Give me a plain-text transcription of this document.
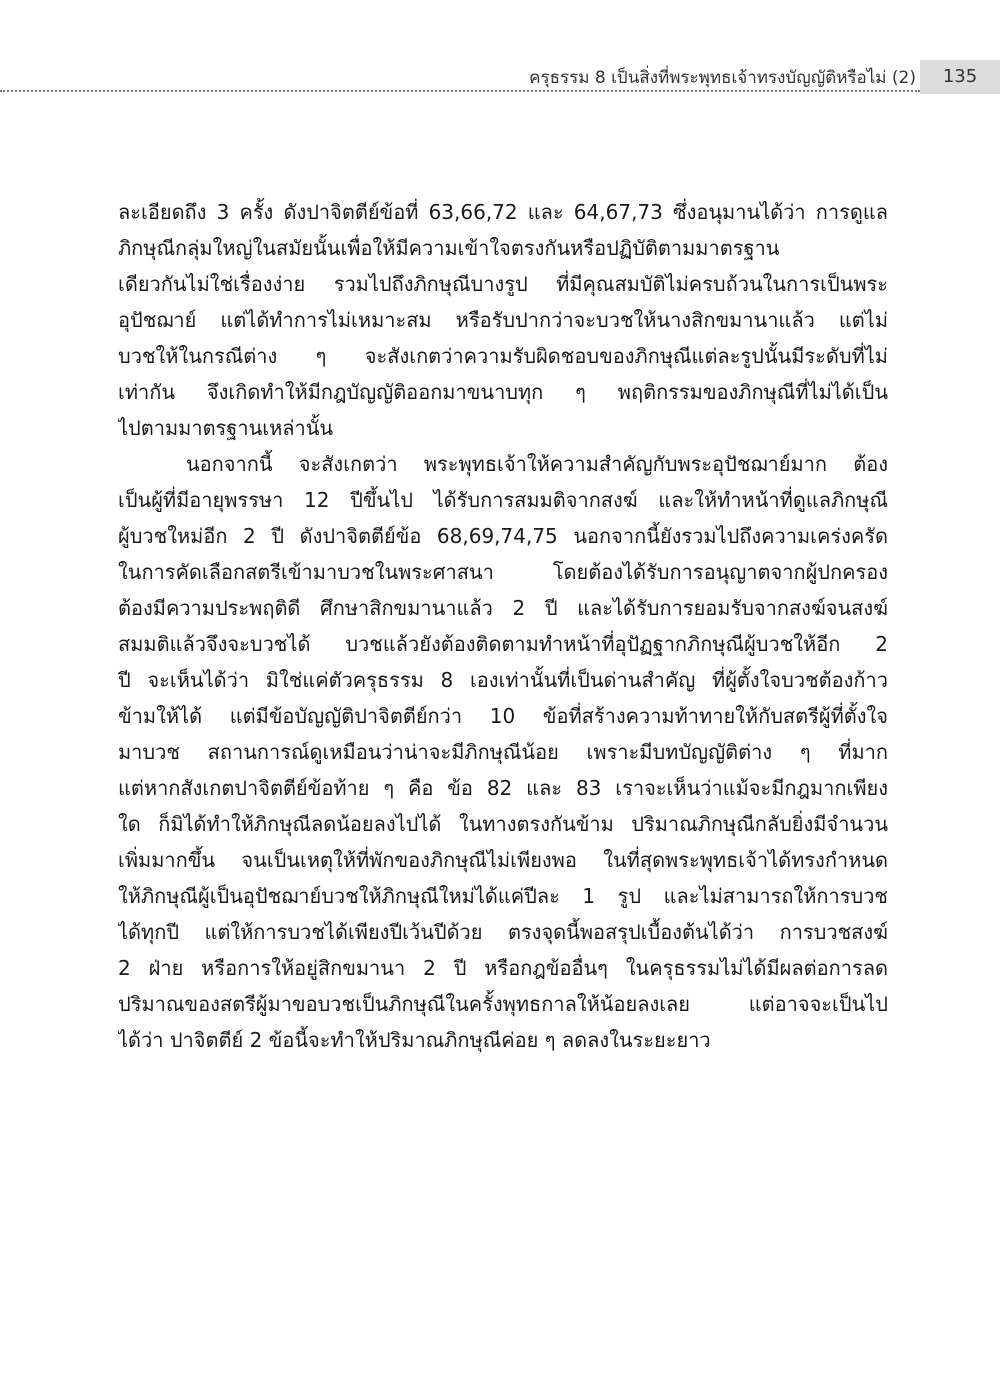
ครุธรรม 8 เป็นสิ่งที่พระพุทธเจ้าทรงบัญญัติหรือไม่ (2)	135
ละเอียดถึง 3 ครั้ง ดังปาจิตตีย์ข้อที่ 63,66,72 และ 64,67,73 ซึ่งอนุมานได้ว่า การดูแล
ภิกษุณีกลุ่มใหญ่ในสมัยนั้นเพื่อให้มีความเข้าใจตรงกันหรือปฏิบัติตามมาตรฐาน
เดียวกันไม่ใช่เรื่องง่าย รวมไปถึงภิกษุณีบางรูป ที่มีคุณสมบัติไม่ครบถ้วนในการเป็นพระ
อุปัชฌาย์ แต่ได้ทำการไม่เหมาะสม หรือรับปากว่าจะบวชให้นางสิกขมานาแล้ว แต่ไม่
บวชให้ในกรณีต่าง ๆ จะสังเกตว่าความรับผิดชอบของภิกษุณีแต่ละรูปนั้นมีระดับที่ไม่
เท่ากัน จึงเกิดทำให้มีกฎบัญญัติออกมาขนาบทุก ๆ พฤติกรรมของภิกษุณีที่ไม่ได้เป็น
ไปตามมาตรฐานเหล่านั้น
นอกจากนี้ จะสังเกตว่า พระพุทธเจ้าให้ความสำคัญกับพระอุปัชฌาย์มาก ต้อง
เป็นผู้ที่มีอายุพรรษา 12 ปีขึ้นไป ได้รับการสมมติจากสงฆ์ และให้ทำหน้าที่ดูแลภิกษุณี
ผู้บวชใหม่อีก 2 ปี ดังปาจิตตีย์ข้อ 68,69,74,75 นอกจากนี้ยังรวมไปถึงความเคร่งครัด
ในการคัดเลือกสตรีเข้ามาบวชในพระศาสนา โดยต้องได้รับการอนุญาตจากผู้ปกครอง
ต้องมีความประพฤติดี ศึกษาสิกขมานาแล้ว 2 ปี และได้รับการยอมรับจากสงฆ์จนสงฆ์
สมมติแล้วจึงจะบวชได้ บวชแล้วยังต้องติดตามทำหน้าที่อุปัฏฐากภิกษุณีผู้บวชให้อีก 2
ปี จะเห็นได้ว่า มิใช่แค่ตัวครุธรรม 8 เองเท่านั้นที่เป็นด่านสำคัญ ที่ผู้ตั้งใจบวชต้องก้าว
ข้ามให้ได้ แต่มีข้อบัญญัติปาจิตตีย์กว่า 10 ข้อที่สร้างความท้าทายให้กับสตรีผู้ที่ตั้งใจ
มาบวช สถานการณ์ดูเหมือนว่าน่าจะมีภิกษุณีน้อย เพราะมีบทบัญญัติต่าง ๆ ที่มาก
แต่หากสังเกตปาจิตตีย์ข้อท้าย ๆ คือ ข้อ 82 และ 83 เราจะเห็นว่าแม้จะมีกฎมากเพียง
ใด ก็มิได้ทำให้ภิกษุณีลดน้อยลงไปได้ ในทางตรงกันข้าม ปริมาณภิกษุณีกลับยิ่งมีจำนวน
เพิ่มมากขึ้น จนเป็นเหตุให้ที่พักของภิกษุณีไม่เพียงพอ ในที่สุดพระพุทธเจ้าได้ทรงกำหนด
ให้ภิกษุณีผู้เป็นอุปัชฌาย์บวชให้ภิกษุณีใหม่ได้แค่ปีละ 1 รูป และไม่สามารถให้การบวช
ได้ทุกปี แต่ให้การบวชได้เพียงปีเว้นปีด้วย ตรงจุดนี้พอสรุปเบื้องต้นได้ว่า การบวชสงฆ์
2 ฝ่าย หรือการให้อยู่สิกขมานา 2 ปี หรือกฎข้ออื่นๆ ในครุธรรมไม่ได้มีผลต่อการลด
ปริมาณของสตรีผู้มาขอบวชเป็นภิกษุณีในครั้งพุทธกาลให้น้อยลงเลย แต่อาจจะเป็นไป
ได้ว่า ปาจิตตีย์ 2 ข้อนี้จะทำให้ปริมาณภิกษุณีค่อย ๆ ลดลงในระยะยาว
